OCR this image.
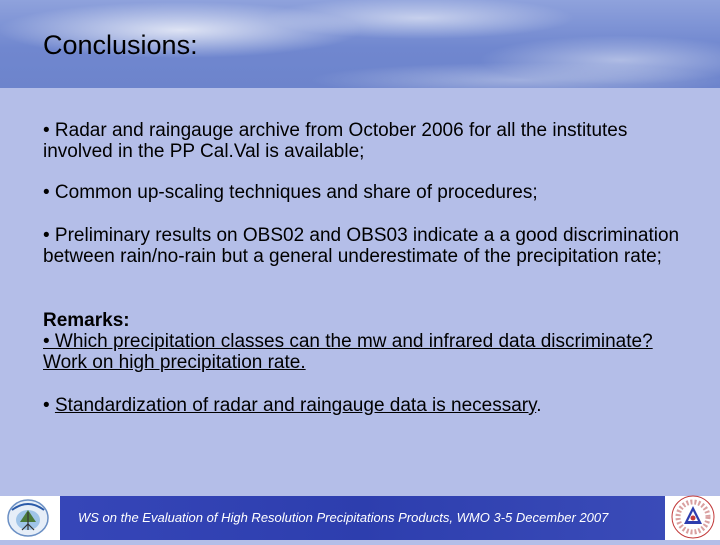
Conclusions:

• Radar and raingauge archive from October 2006 for all the institutes involved in the PP Cal.Val is available;

• Common up-scaling techniques and share of procedures;

• Preliminary results on OBS02 and OBS03 indicate a a good discrimination between rain/no-rain but a general underestimate of the precipitation rate;

Remarks:
• Which precipitation classes can the mw and infrared data discriminate? Work on high precipitation rate.

• Standardization of radar and raingauge data is necessary.

WS on the Evaluation of High Resolution Precipitations Products, WMO 3-5 December 2007
